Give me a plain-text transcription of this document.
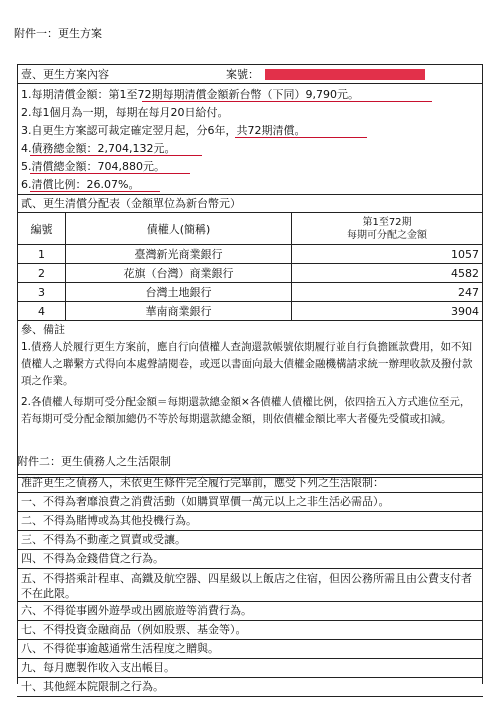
附件一：更生方案
壹、更生方案內容	案號：
1.每期清償金額：第1至72期每期清償金額新台幣（下同）9,790元。
2.每1個月為一期，每期在每月20日給付。
3.自更生方案認可裁定確定翌月起，分6年，共72期清償。
4.債務總金額：2,704,132元。
5.清償總金額：704,880元。
6.清償比例：26.07%。
貳、更生清償分配表（金額單位為新台幣元）
編號	債權人(簡稱)	第1至72期
每期可分配之金額

1	臺灣新光商業銀行	1057
2	花旗（台灣）商業銀行	4582
3	台灣土地銀行	247
4	華南商業銀行	3904
參、備註
1.債務人於履行更生方案前，應自行向債權人查詢還款帳號依期履行並自行負擔匯款費用，如不知債權人之聯繫方式得向本處聲請閱卷，或逕以書面向最大債權金融機構請求統一辦理收款及撥付款項之作業。
2.各債權人每期可受分配金額＝每期還款總金額×各債權人債權比例，依四捨五入方式進位至元，若每期可受分配金額加總仍不等於每期還款總金額，則依債權金額比率大者優先受償或扣減。
附件二：更生債務人之生活限制
准許更生之債務人，未依更生條件完全履行完畢前，應受下列之生活限制：
一、不得為奢靡浪費之消費活動（如購買單價一萬元以上之非生活必需品）。
二、不得為賭博或為其他投機行為。
三、不得為不動產之買賣或受讓。
四、不得為金錢借貸之行為。
五、不得搭乘計程車、高鐵及航空器、四星級以上飯店之住宿，但因公務所需且由公費支付者不在此限。
六、不得從事國外遊學或出國旅遊等消費行為。
七、不得投資金融商品（例如股票、基金等）。
八、不得從事逾越通常生活程度之贈與。
九、每月應製作收入支出帳目。
十、其他經本院限制之行為。
